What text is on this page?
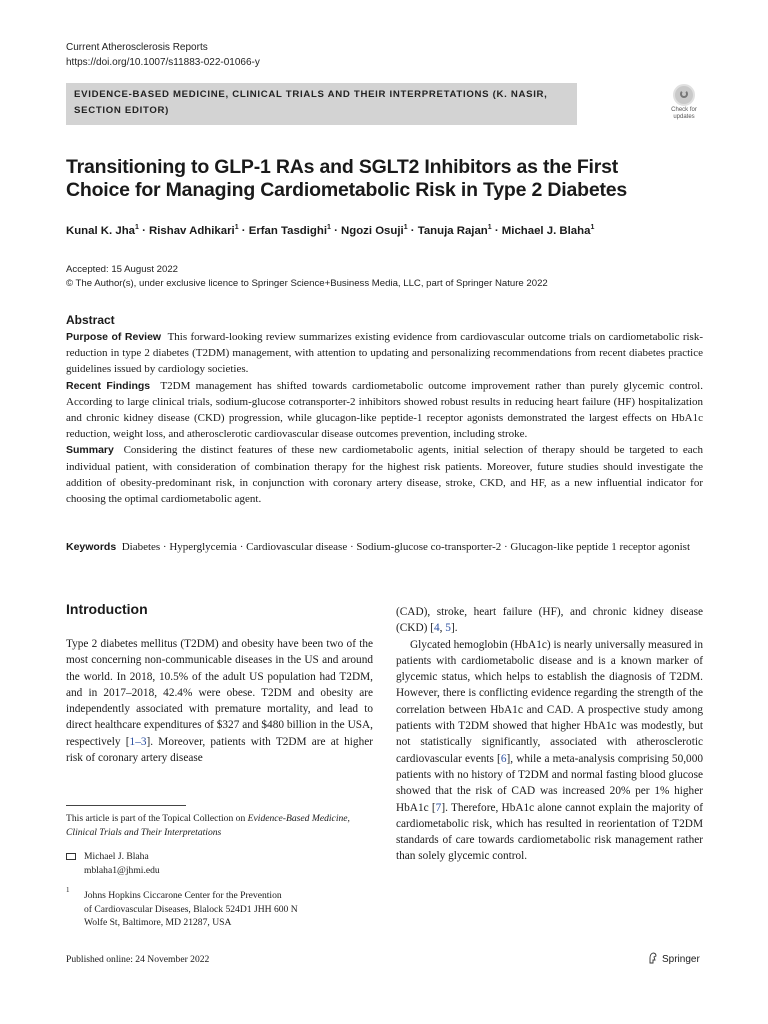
Current Atherosclerosis Reports
https://doi.org/10.1007/s11883-022-01066-y
EVIDENCE-BASED MEDICINE, CLINICAL TRIALS AND THEIR INTERPRETATIONS (K. NASIR, SECTION EDITOR)	Check for
updates
Transitioning to GLP-1 RAs and SGLT2 Inhibitors as the First Choice for Managing Cardiometabolic Risk in Type 2 Diabetes
Kunal K. Jha$^1$ · Rishav Adhikari$^1$ · Erfan Tasdighi$^1$ · Ngozi Osuji$^1$ · Tanuja Rajan$^1$ · Michael J. Blaha$^1$
Accepted: 15 August 2022
© The Author(s), under exclusive licence to Springer Science+Business Media, LLC, part of Springer Nature 2022
Abstract

Purpose of Review This forward-looking review summarizes existing evidence from cardiovascular outcome trials on cardiometabolic risk-reduction in type 2 diabetes (T2DM) management, with attention to updating and personalizing recommendations from recent diabetes practice guidelines issued by cardiology societies.

Recent Findings T2DM management has shifted towards cardiometabolic outcome improvement rather than purely glycemic control. According to large clinical trials, sodium-glucose cotransporter-2 inhibitors showed robust results in reducing heart failure (HF) hospitalization and chronic kidney disease (CKD) progression, while glucagon-like peptide-1 receptor agonists demonstrated the largest effects on HbA1c reduction, weight loss, and atherosclerotic cardiovascular disease outcomes prevention, including stroke.

Summary Considering the distinct features of these new cardiometabolic agents, initial selection of therapy should be targeted to each individual patient, with consideration of combination therapy for the highest risk patients. Moreover, future studies should investigate the addition of obesity-predominant risk, in conjunction with coronary artery disease, stroke, CKD, and HF, as a new influential indicator for choosing the optimal cardiometabolic agent.

Keywords Diabetes · Hyperglycemia · Cardiovascular disease · Sodium-glucose co-transporter-2 · Glucagon-like peptide 1 receptor agonist
Introduction

Type 2 diabetes mellitus (T2DM) and obesity have been two of the most concerning non-communicable diseases in the US and around the world. In 2018, 10.5% of the adult US population had T2DM, and in 2017–2018, 42.4% were obese. T2DM and obesity are independently associated with premature mortality, and lead to direct healthcare expenditures of $327 and $480 billion in the USA, respectively [1–3]. Moreover, patients with T2DM are at higher risk of coronary artery disease

(CAD), stroke, heart failure (HF), and chronic kidney disease (CKD) [4, 5].

Glycated hemoglobin (HbA1c) is nearly universally measured in patients with cardiometabolic disease and is a known marker of glycemic status, which helps to establish the diagnosis of T2DM. However, there is conflicting evidence regarding the strength of the correlation between HbA1c and CAD. A prospective study among patients with T2DM showed that higher HbA1c was modestly, but not statistically significantly, associated with atherosclerotic cardiovascular events [6], while a meta-analysis comprising 50,000 patients with no history of T2DM and normal fasting blood glucose showed that the risk of CAD was increased 20% per 1% higher HbA1c [7]. Therefore, HbA1c alone cannot explain the majority of cardiometabolic risk, which has resulted in reorientation of T2DM standards of care towards cardiometabolic risk management rather than solely glycemic control.

This article is part of the Topical Collection on Evidence-Based Medicine, Clinical Trials and Their Interpretations
Michael J. Blaha
mblaha1@jhmi.edu
1 Johns Hopkins Ciccarone Center for the Prevention
of Cardiovascular Diseases, Blalock 524D1 JHH 600 N
Wolfe St, Baltimore, MD 21287, USA
Published online: 24 November 2022	Springer
